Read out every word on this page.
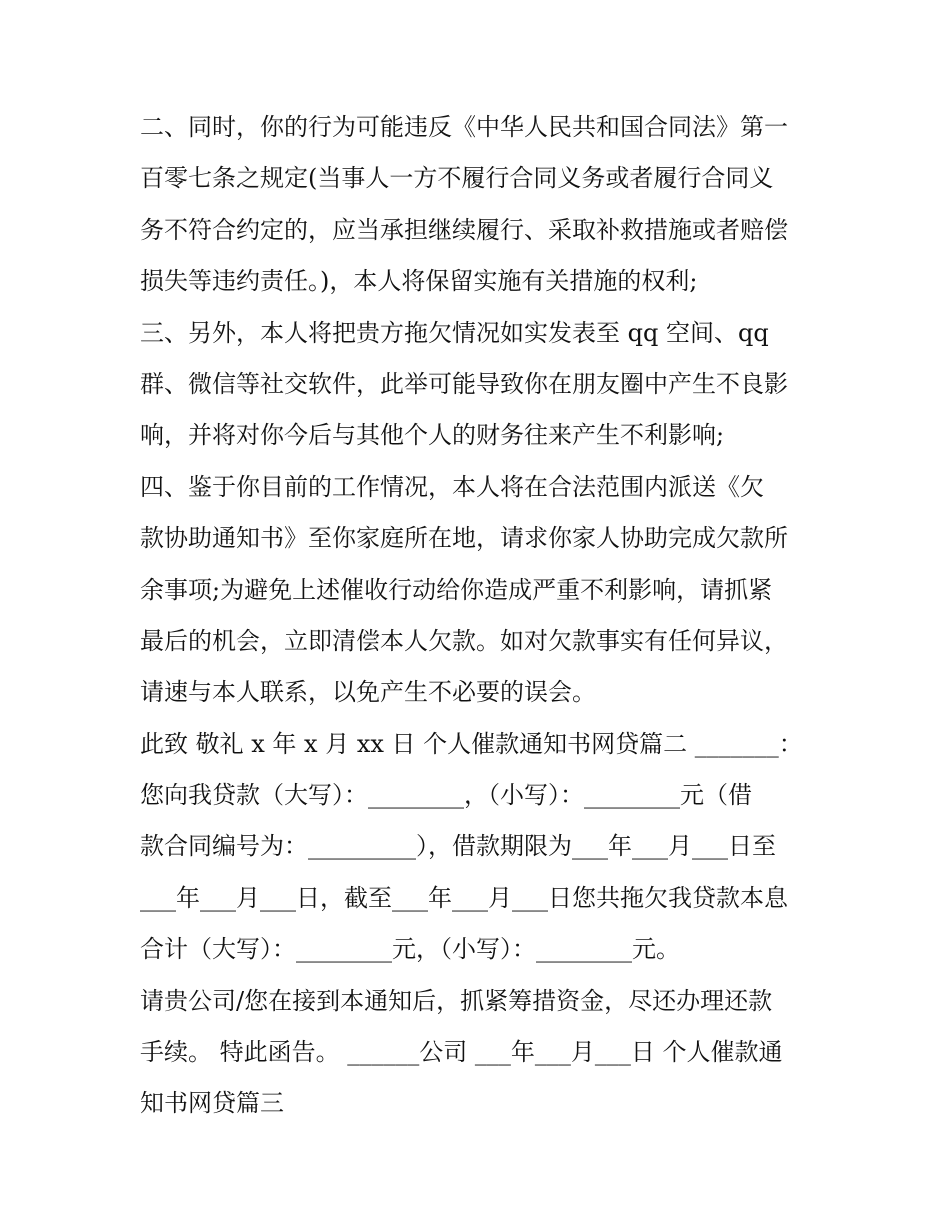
二、同时，你的行为可能违反《中华人民共和国合同法》第一
百零七条之规定(当事人一方不履行合同义务或者履行合同义
务不符合约定的，应当承担继续履行、采取补救措施或者赔偿
损失等违约责任。)，本人将保留实施有关措施的权利;
三、另外，本人将把贵方拖欠情况如实发表至 qq 空间、qq
群、微信等社交软件，此举可能导致你在朋友圈中产生不良影
响，并将对你今后与其他个人的财务往来产生不利影响;
四、鉴于你目前的工作情况，本人将在合法范围内派送《欠
款协助通知书》至你家庭所在地，请求你家人协助完成欠款所
余事项;为避免上述催收行动给你造成严重不利影响，请抓紧
最后的机会，立即清偿本人欠款。如对欠款事实有任何异议，
请速与本人联系，以免产生不必要的误会。
此致 敬礼 x 年 x 月 xx 日 个人催款通知书网贷篇二 _______：
您向我贷款（大写）：________，（小写）：________元（借
款合同编号为：_________），借款期限为___年___月___日至
___年___月___日，截至___年___月___日您共拖欠我贷款本息
合计（大写）：________元，（小写）：________元。
请贵公司/您在接到本通知后，抓紧筹措资金，尽还办理还款
手续。 特此函告。 ______公司 ___年___月___日 个人催款通
知书网贷篇三
